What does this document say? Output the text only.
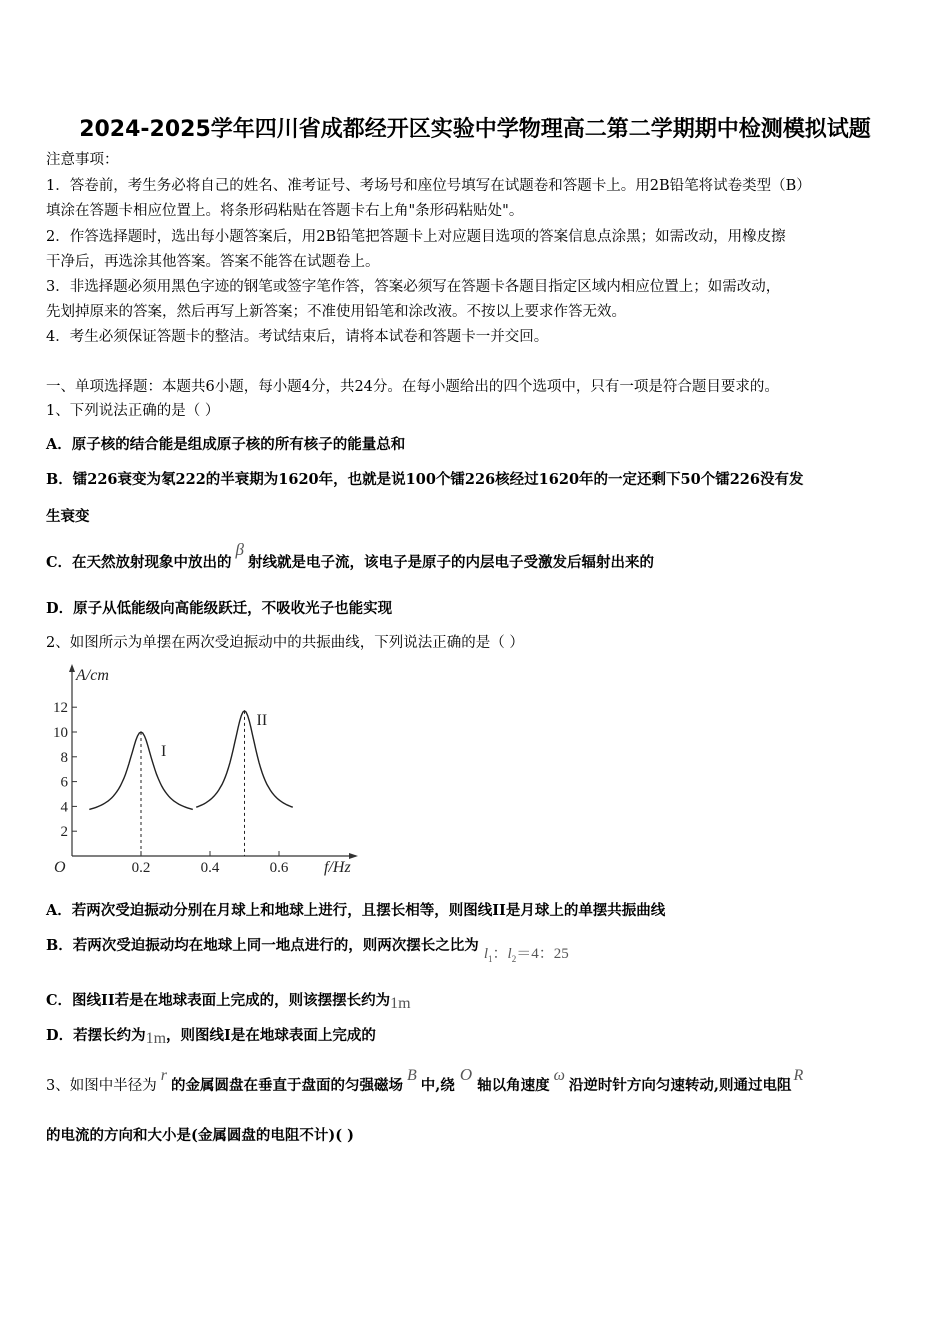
2024-2025学年四川省成都经开区实验中学物理高二第二学期期中检测模拟试题
注意事项：
1．答卷前，考生务必将自己的姓名、准考证号、考场号和座位号填写在试题卷和答题卡上。用2B铅笔将试卷类型（B）
填涂在答题卡相应位置上。将条形码粘贴在答题卡右上角"条形码粘贴处"。
2．作答选择题时，选出每小题答案后，用2B铅笔把答题卡上对应题目选项的答案信息点涂黑；如需改动，用橡皮擦
干净后，再选涂其他答案。答案不能答在试题卷上。
3．非选择题必须用黑色字迹的钢笔或签字笔作答，答案必须写在答题卡各题目指定区域内相应位置上；如需改动，
先划掉原来的答案，然后再写上新答案；不准使用铅笔和涂改液。不按以上要求作答无效。
4．考生必须保证答题卡的整洁。考试结束后，请将本试卷和答题卡一并交回。
一、单项选择题：本题共6小题，每小题4分，共24分。在每小题给出的四个选项中，只有一项是符合题目要求的。
1、下列说法正确的是（ ）
A．原子核的结合能是组成原子核的所有核子的能量总和
B．镭226衰变为氡222的半衰期为1620年，也就是说100个镭226核经过1620年的一定还剩下50个镭226没有发
生衰变
C．在天然放射现象中放出的β射线就是电子流，该电子是原子的内层电子受激发后辐射出来的
D．原子从低能级向高能级跃迁，不吸收光子也能实现
2、如图所示为单摆在两次受迫振动中的共振曲线，下列说法正确的是（ ）
A/cm
f/Hz
O
2
4
6
8
10
12
0.2	0.4	0.6
I
II
A．若两次受迫振动分别在月球上和地球上进行，且摆长相等，则图线II是月球上的单摆共振曲线
B．若两次受迫振动均在地球上同一地点进行的，则两次摆长之比为 $l_1$：$l_2=4$：25
C．图线II若是在地球表面上完成的，则该摆摆长约为1m
D．若摆长约为1m，则图线I是在地球表面上完成的
3、如图中半径为r的金属圆盘在垂直于盘面的匀强磁场B中,绕O轴以角速度ω沿逆时针方向匀速转动,则通过电阻R
的电流的方向和大小是(金属圆盘的电阻不计)( )
